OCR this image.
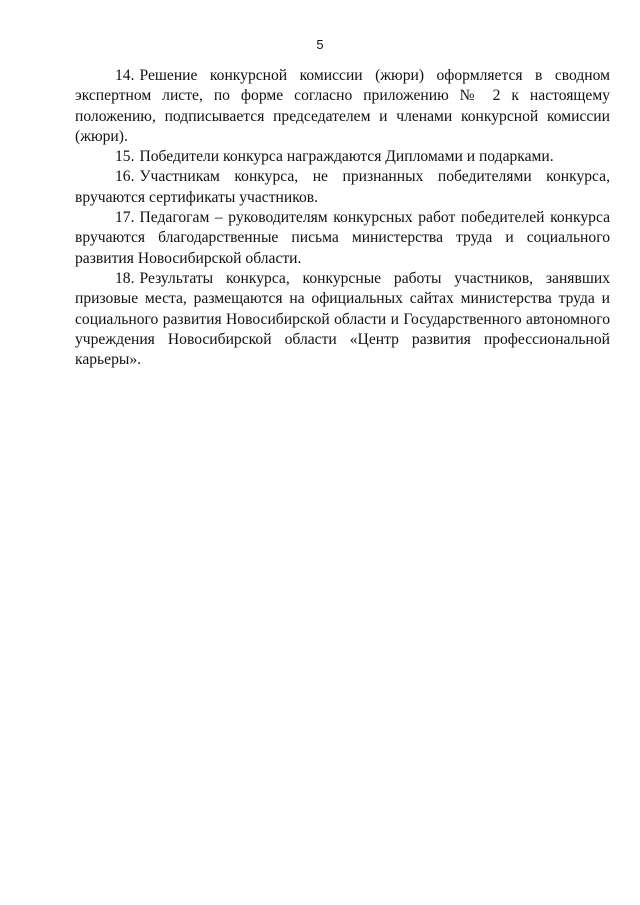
5

14. Решение конкурсной комиссии (жюри) оформляется в сводном экспертном листе, по форме согласно приложению № 2 к настоящему положению, подписывается председателем и членами конкурсной комиссии (жюри).

15. Победители конкурса награждаются Дипломами и подарками.

16. Участникам конкурса, не признанных победителями конкурса, вручаются сертификаты участников.

17. Педагогам – руководителям конкурсных работ победителей конкурса вручаются благодарственные письма министерства труда и социального развития Новосибирской области.

18. Результаты конкурса, конкурсные работы участников, занявших призовые места, размещаются на официальных сайтах министерства труда и социального развития Новосибирской области и Государственного автономного учреждения Новосибирской области «Центр развития профессиональной карьеры».
